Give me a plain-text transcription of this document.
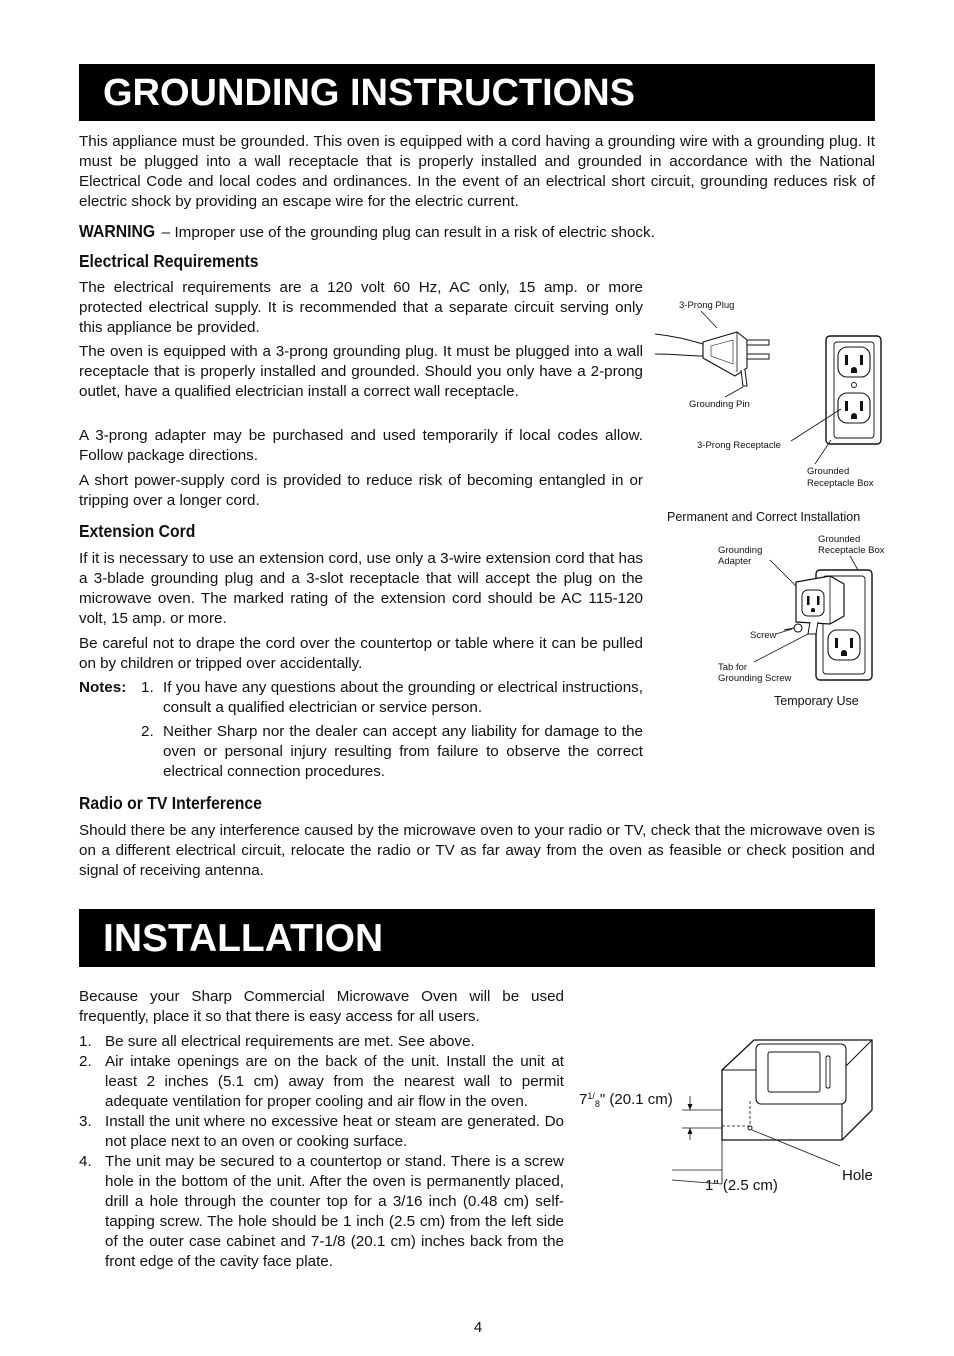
GROUNDING INSTRUCTIONS

This appliance must be grounded. This oven is equipped with a cord having a grounding wire with a grounding plug. It must be plugged into a wall receptacle that is properly installed and grounded in accordance with the National Electrical Code and local codes and ordinances. In the event of an electrical short circuit, grounding reduces risk of electric shock by providing an escape wire for the electric current.

WARNING – Improper use of the grounding plug can result in a risk of electric shock.
Electrical Requirements

The electrical requirements are a 120 volt 60 Hz, AC only, 15 amp. or more protected electrical supply. It is recommended that a separate circuit serving only this appliance be provided.

The oven is equipped with a 3-prong grounding plug. It must be plugged into a wall receptacle that is properly installed and grounded. Should you only have a 2-prong outlet, have a qualified electrician install a correct wall receptacle.

A 3-prong adapter may be purchased and used temporarily if local codes allow. Follow package directions.

A short power-supply cord is provided to reduce risk of becoming entangled in or tripping over a longer cord.

Extension Cord

If it is necessary to use an extension cord, use only a 3-wire extension cord that has a 3-blade grounding plug and a 3-slot receptacle that will accept the plug on the microwave oven. The marked rating of the extension cord should be AC 115-120 volt, 15 amp. or more.

Be careful not to drape the cord over the countertop or table where it can be pulled on by children or tripped over accidentally.

Notes: 1. If you have any questions about the grounding or electrical instructions, consult a qualified electrician or service person.
2. Neither Sharp nor the dealer can accept any liability for damage to the oven or personal injury resulting from failure to observe the correct electrical connection procedures.
Radio or TV Interference

Should there be any interference caused by the microwave oven to your radio or TV, check that the microwave oven is on a different electrical circuit, relocate the radio or TV as far away from the oven as feasible or check position and signal of receiving antenna.

3-Prong Plug
Grounding Pin
3-Prong Receptacle
Grounded
Receptacle Box
Permanent and Correct Installation
Grounded
Receptacle Box
Grounding
Adapter
Screw
Tab for
Grounding Screw
Temporary Use
INSTALLATION

Because your Sharp Commercial Microwave Oven will be used frequently, place it so that there is easy access for all users.

1. Be sure all electrical requirements are met. See above.
2. Air intake openings are on the back of the unit. Install the unit at least 2 inches (5.1 cm) away from the nearest wall to permit adequate ventilation for proper cooling and air flow in the oven.
3. Install the unit where no excessive heat or steam are generated. Do not place next to an oven or cooking surface.
4. The unit may be secured to a countertop or stand. There is a screw hole in the bottom of the unit. After the oven is permanently placed, drill a hole through the counter top for a 3/16 inch (0.48 cm) self-tapping screw. The hole should be 1 inch (2.5 cm) from the left side of the outer case cabinet and 7-1/8 (20.1 cm) inches back from the front edge of the cavity face plate.
Hole
$7^1/_8$" (20.1 cm)
1" (2.5 cm)
4
